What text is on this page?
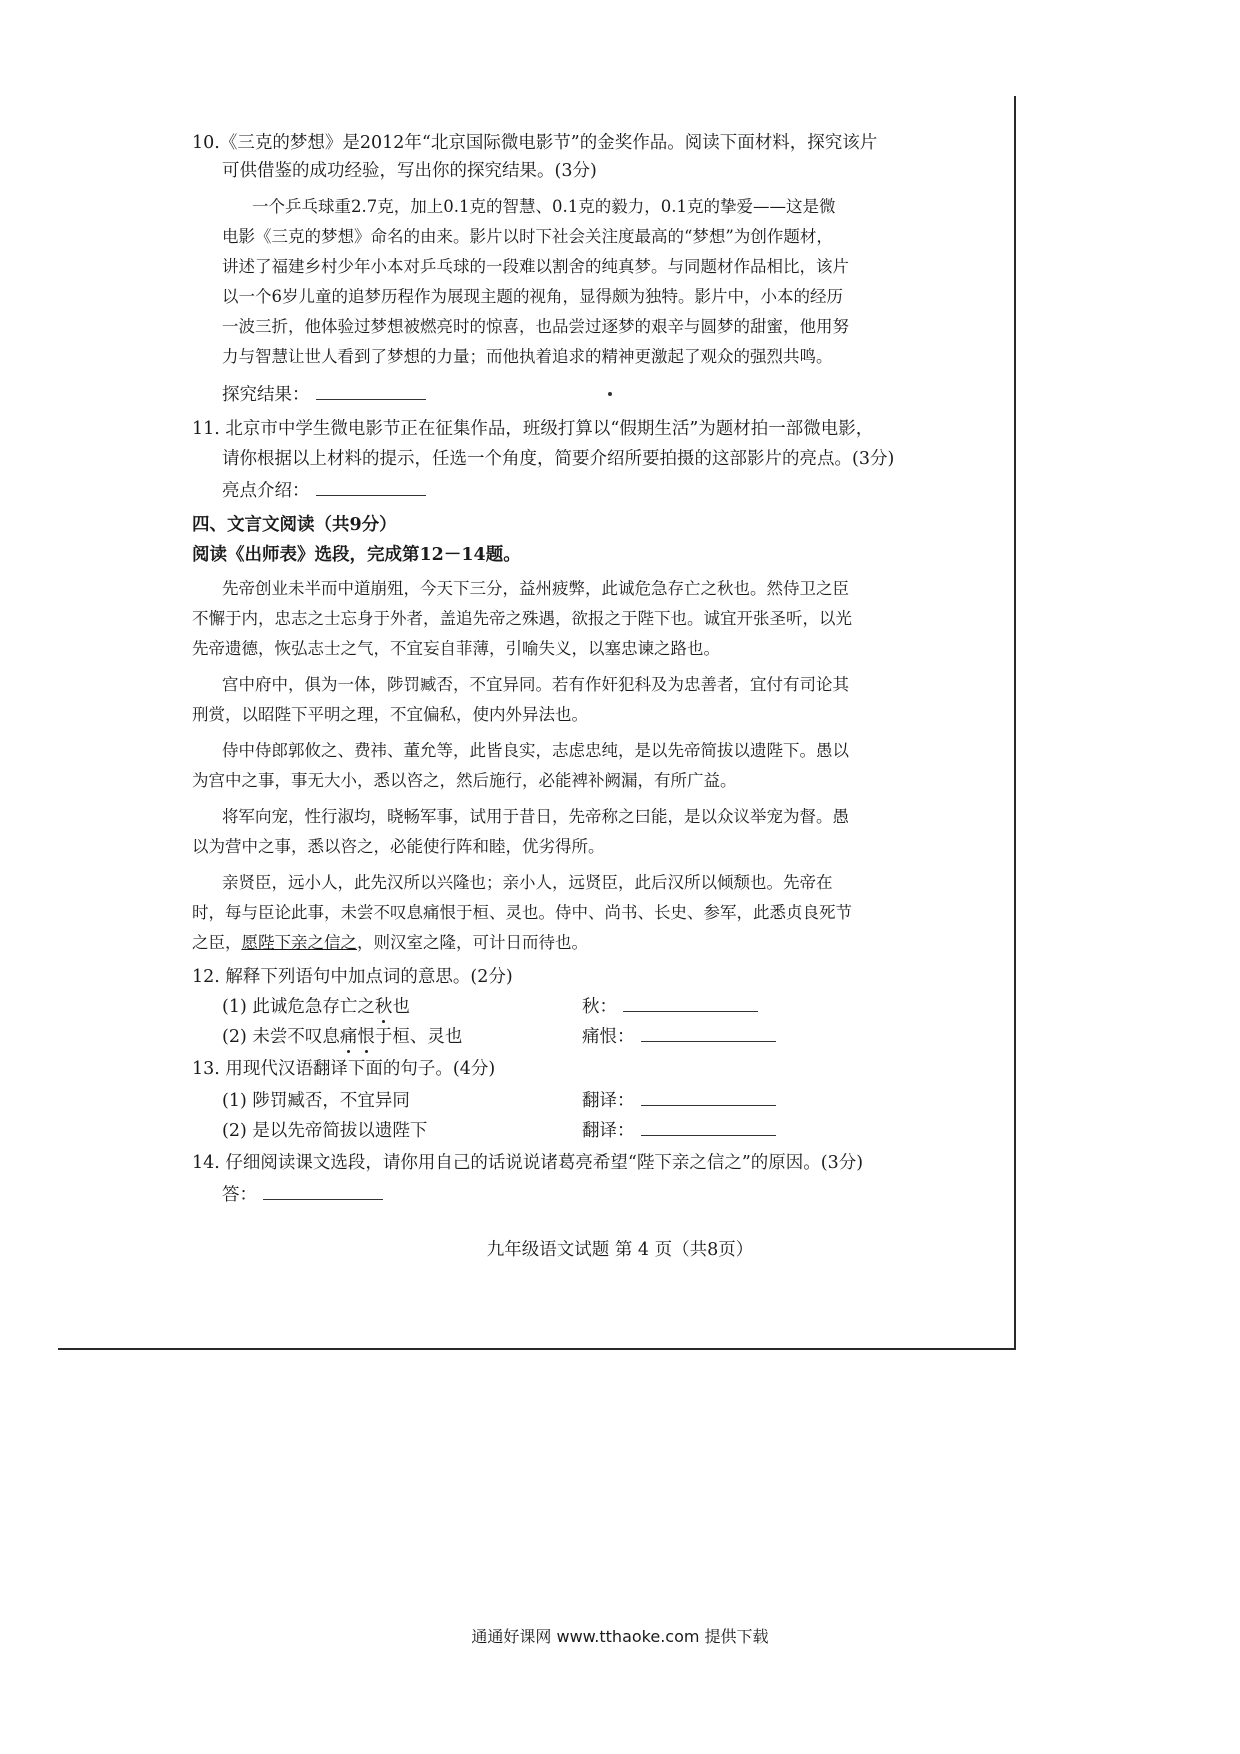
10.《三克的梦想》是2012年“北京国际微电影节”的金奖作品。阅读下面材料，探究该片
可供借鉴的成功经验，写出你的探究结果。(3分)
一个乒乓球重2.7克，加上0.1克的智慧、0.1克的毅力，0.1克的挚爱——这是微
电影《三克的梦想》命名的由来。影片以时下社会关注度最高的“梦想”为创作题材，
讲述了福建乡村少年小本对乒乓球的一段难以割舍的纯真梦。与同题材作品相比，该片
以一个6岁儿童的追梦历程作为展现主题的视角，显得颇为独特。影片中，小本的经历
一波三折，他体验过梦想被燃亮时的惊喜，也品尝过逐梦的艰辛与圆梦的甜蜜，他用努
力与智慧让世人看到了梦想的力量；而他执着追求的精神更激起了观众的强烈共鸣。
探究结果：
11. 北京市中学生微电影节正在征集作品，班级打算以“假期生活”为题材拍一部微电影，
请你根据以上材料的提示，任选一个角度，简要介绍所要拍摄的这部影片的亮点。(3分)
亮点介绍：
四、文言文阅读（共9分）
阅读《出师表》选段，完成第12－14题。
先帝创业未半而中道崩殂，今天下三分，益州疲弊，此诚危急存亡之秋也。然侍卫之臣
不懈于内，忠志之士忘身于外者，盖追先帝之殊遇，欲报之于陛下也。诚宜开张圣听，以光
先帝遗德，恢弘志士之气，不宜妄自菲薄，引喻失义，以塞忠谏之路也。
宫中府中，俱为一体，陟罚臧否，不宜异同。若有作奸犯科及为忠善者，宜付有司论其
刑赏，以昭陛下平明之理，不宜偏私，使内外异法也。
侍中侍郎郭攸之、费祎、董允等，此皆良实，志虑忠纯，是以先帝简拔以遗陛下。愚以
为宫中之事，事无大小，悉以咨之，然后施行，必能裨补阙漏，有所广益。
将军向宠，性行淑均，晓畅军事，试用于昔日，先帝称之曰能，是以众议举宠为督。愚
以为营中之事，悉以咨之，必能使行阵和睦，优劣得所。
亲贤臣，远小人，此先汉所以兴隆也；亲小人，远贤臣，此后汉所以倾颓也。先帝在
时，每与臣论此事，未尝不叹息痛恨于桓、灵也。侍中、尚书、长史、参军，此悉贞良死节
之臣，愿陛下亲之信之，则汉室之隆，可计日而待也。
12. 解释下列语句中加点词的意思。(2分)
(1) 此诚危急存亡之秋也	秋：
(2) 未尝不叹息痛恨于桓、灵也	痛恨：
13. 用现代汉语翻译下面的句子。(4分)
(1) 陟罚臧否，不宜异同	翻译：
(2) 是以先帝简拔以遗陛下	翻译：
14. 仔细阅读课文选段，请你用自己的话说说诸葛亮希望“陛下亲之信之”的原因。(3分)
答：
九年级语文试题 第 4 页（共8页）
通通好课网 www.tthaoke.com 提供下载
